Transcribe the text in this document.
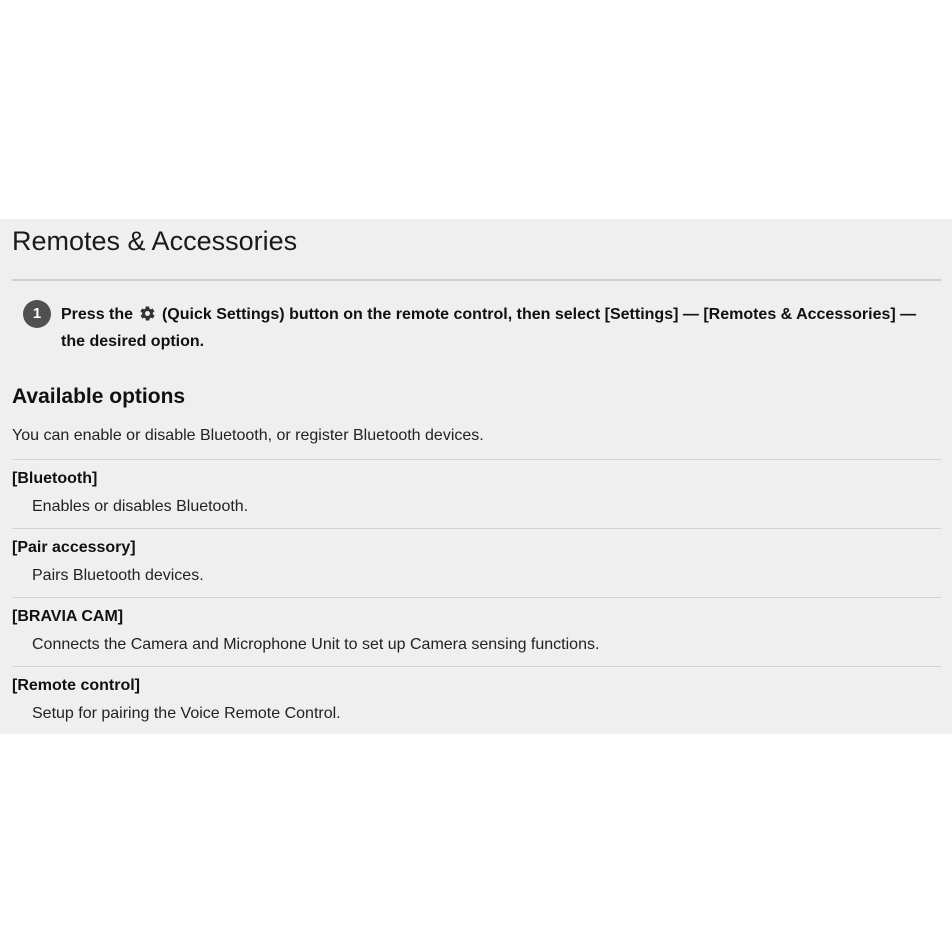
Remotes & Accessories
1	Press the (Quick Settings) button on the remote control, then select [Settings] — [Remotes & Accessories] — the desired option.

Available options

You can enable or disable Bluetooth, or register Bluetooth devices.

[Bluetooth]

Enables or disables Bluetooth.

[Pair accessory]

Pairs Bluetooth devices.

[BRAVIA CAM]

Connects the Camera and Microphone Unit to set up Camera sensing functions.

[Remote control]

Setup for pairing the Voice Remote Control.
